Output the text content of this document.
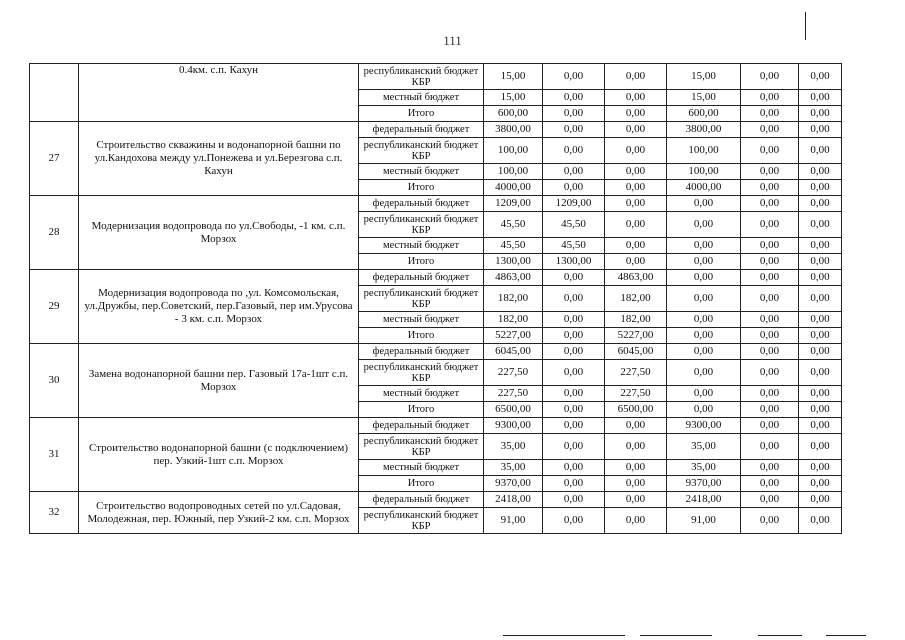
111
	0.4км. с.п. Кахун	республиканский бюджет КБР	15,00	0,00	0,00	15,00	0,00	0,00
		местный бюджет	15,00	0,00	0,00	15,00	0,00	0,00
		Итого	600,00	0,00	0,00	600,00	0,00	0,00
27	Строительство скважины и водонапорной башни по ул.Кандохова между ул.Понежева и ул.Березгова с.п. Кахун	федеральный бюджет	3800,00	0,00	0,00	3800,00	0,00	0,00
		республиканский бюджет КБР	100,00	0,00	0,00	100,00	0,00	0,00
		местный бюджет	100,00	0,00	0,00	100,00	0,00	0,00
		Итого	4000,00	0,00	0,00	4000,00	0,00	0,00
28	Модернизация водопровода по ул.Свободы, -1 км. с.п. Морзох	федеральный бюджет	1209,00	1209,00	0,00	0,00	0,00	0,00
		республиканский бюджет КБР	45,50	45,50	0,00	0,00	0,00	0,00
		местный бюджет	45,50	45,50	0,00	0,00	0,00	0,00
		Итого	1300,00	1300,00	0,00	0,00	0,00	0,00
29	Модернизация водопровода по ,ул. Комсомольская, ул.Дружбы, пер.Советский, пер.Газовый, пер им.Урусова - 3 км. с.п. Морзох	федеральный бюджет	4863,00	0,00	4863,00	0,00	0,00	0,00
		республиканский бюджет КБР	182,00	0,00	182,00	0,00	0,00	0,00
		местный бюджет	182,00	0,00	182,00	0,00	0,00	0,00
		Итого	5227,00	0,00	5227,00	0,00	0,00	0,00
30	Замена водонапорной башни пер. Газовый 17а-1шт с.п. Морзох	федеральный бюджет	6045,00	0,00	6045,00	0,00	0,00	0,00
		республиканский бюджет КБР	227,50	0,00	227,50	0,00	0,00	0,00
		местный бюджет	227,50	0,00	227,50	0,00	0,00	0,00
		Итого	6500,00	0,00	6500,00	0,00	0,00	0,00
31	Строительство водонапорной башни (с подключением) пер. Узкий-1шт с.п. Морзох	федеральный бюджет	9300,00	0,00	0,00	9300,00	0,00	0,00
		республиканский бюджет КБР	35,00	0,00	0,00	35,00	0,00	0,00
		местный бюджет	35,00	0,00	0,00	35,00	0,00	0,00
		Итого	9370,00	0,00	0,00	9370,00	0,00	0,00
32	Строительство водопроводных сетей по ул.Садовая, Молодежная, пер. Южный, пер Узкий-2 км. с.п. Морзох	федеральный бюджет	2418,00	0,00	0,00	2418,00	0,00	0,00
		республиканский бюджет КБР	91,00	0,00	0,00	91,00	0,00	0,00
